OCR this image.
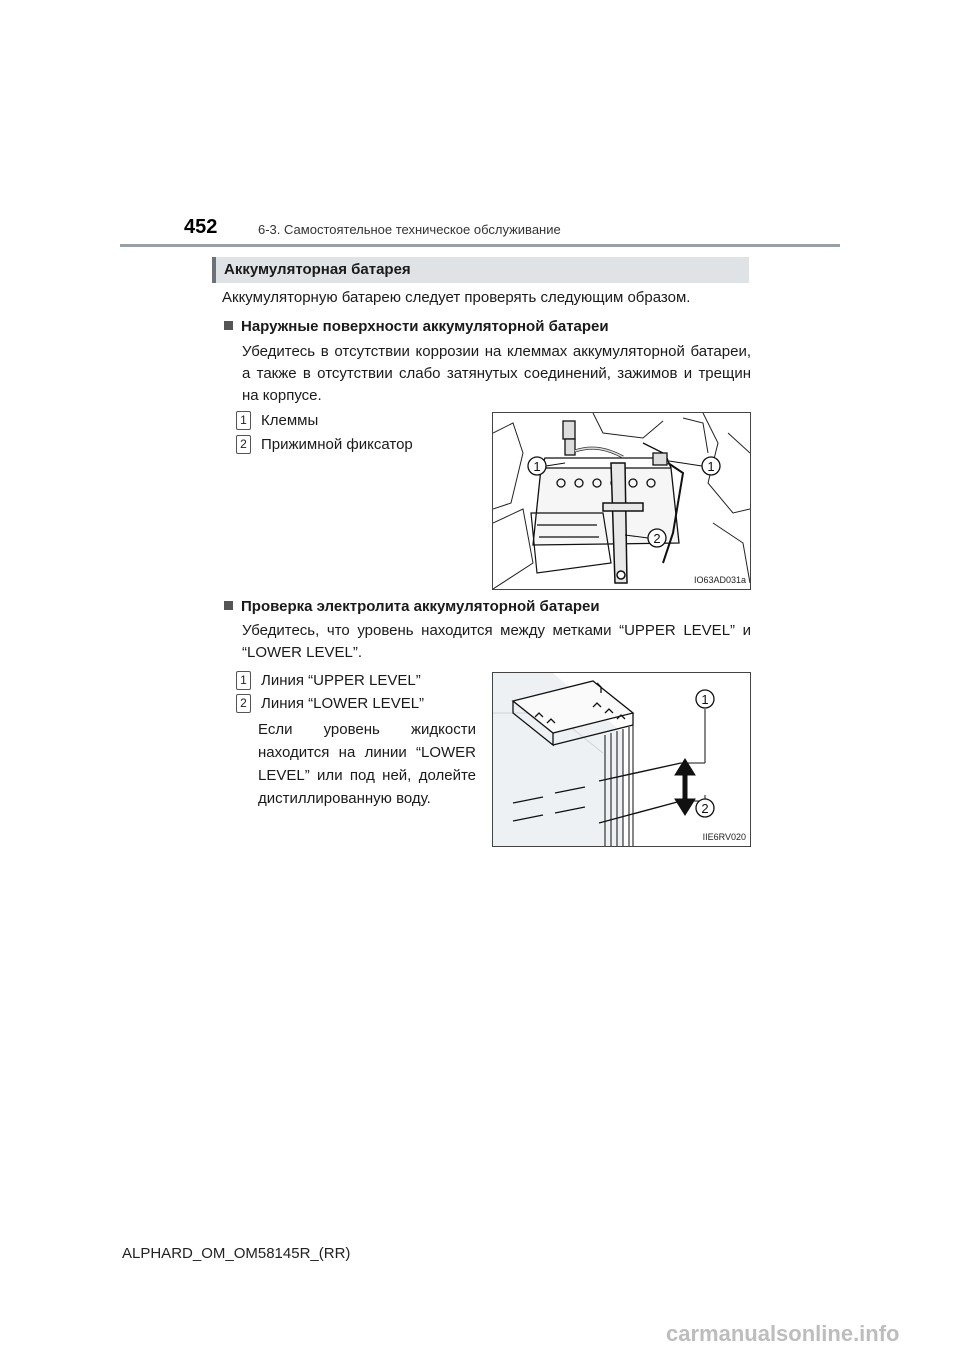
452	6-3. Самостоятельное техническое обслуживание
Аккумуляторная батарея
Аккумуляторную батарею следует проверять следующим образом.
Наружные поверхности аккумуляторной батареи
Убедитесь в отсутствии коррозии на клеммах аккумуляторной батареи, а также в отсутствии слабо затянутых соединений, зажимов и трещин на корпусе.
1 Клеммы
2 Прижимной фиксатор
1	1
2
IO63AD031a
Проверка электролита аккумуляторной батареи
Убедитесь, что уровень находится между метками “UPPER LEVEL” и “LOWER LEVEL”.
1 Линия “UPPER LEVEL”
2 Линия “LOWER LEVEL”
Если уровень жидкости находится на линии “LOWER LEVEL” или под ней, долейте дистиллированную воду.
1
2
IIE6RV020
ALPHARD_OM_OM58145R_(RR)
carmanualsonline.info
